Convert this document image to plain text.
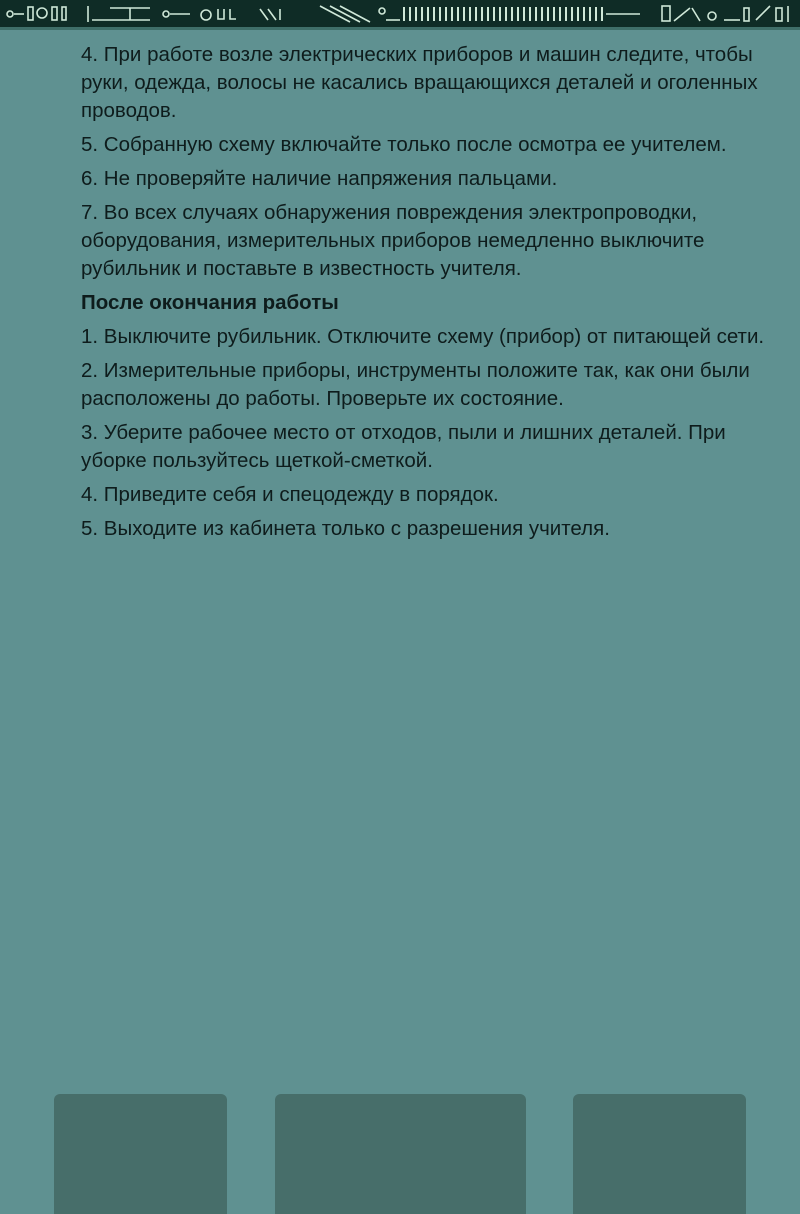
4. При работе возле электрических приборов и машин следите, чтобы руки, одежда, волосы не касались вращающихся деталей и оголенных проводов.

5. Собранную схему включайте только после осмотра ее учителем.

6. Не проверяйте наличие напряжения пальцами.

7. Во всех случаях обнаружения повреждения электропроводки, оборудования, измерительных приборов немедленно выключите рубильник и поставьте в известность учителя.

После окончания работы

1. Выключите рубильник. Отключите схему (прибор) от питающей сети.

2. Измерительные приборы, инструменты положите так, как они были расположены до работы. Проверьте их состояние.

3. Уберите рабочее место от отходов, пыли и лишних деталей. При уборке пользуйтесь щеткой-сметкой.

4. Приведите себя и спецодежду в порядок.

5. Выходите из кабинета только с разрешения учителя.
